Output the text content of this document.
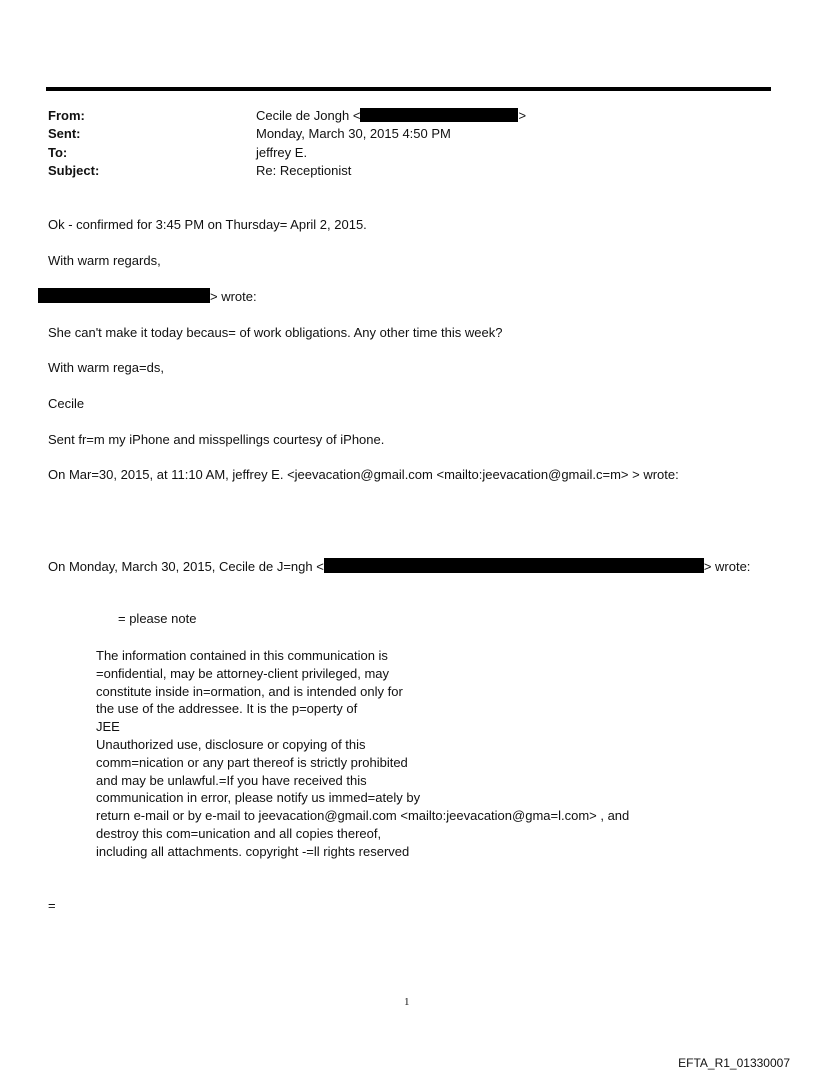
From:	Cecile de Jongh <	>
Sent:	Monday, March 30, 2015 4:50 PM
To:	jeffrey E.
Subject:	Re: Receptionist
Ok - confirmed for 3:45 PM on Thursday= April 2, 2015.
With warm regards,
> wrote:
She can't make it today becaus= of work obligations. Any other time this week?
With warm rega=ds,
Cecile
Sent fr=m my iPhone and misspellings courtesy of iPhone.
On Mar=30, 2015, at 11:10 AM, jeffrey E. <jeevacation@gmail.com <mailto:jeevacation@gmail.c=m> > wrote:
On Monday, March 30, 2015, Cecile de J=ngh <	> wrote:
= please note
The information contained in this communication is
=onfidential, may be attorney-client privileged, may
constitute inside in=ormation, and is intended only for
the use of the addressee. It is the p=operty of
JEE
Unauthorized use, disclosure or copying of this
comm=nication or any part thereof is strictly prohibited
and may be unlawful.=If you have received this
communication in error, please notify us immed=ately by
return e-mail or by e-mail to jeevacation@gmail.com <mailto:jeevacation@gma=l.com> , and
destroy this com=unication and all copies thereof,
including all attachments. copyright -=ll rights reserved
=
1
EFTA_R1_01330007
